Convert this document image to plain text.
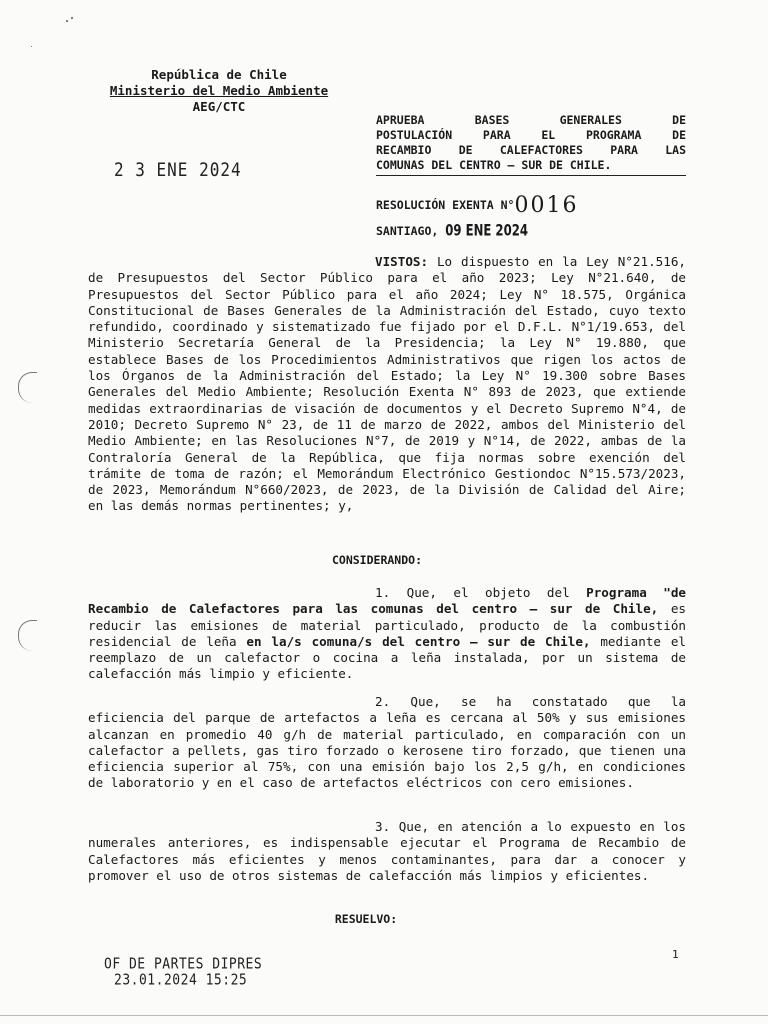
República de Chile
Ministerio del Medio Ambiente
AEG/CTC
2 3 ENE 2024
APRUEBA BASES GENERALES DE
POSTULACIÓN PARA EL PROGRAMA DE
RECAMBIO DE CALEFACTORES PARA LAS
COMUNAS DEL CENTRO – SUR DE CHILE.
RESOLUCIÓN EXENTA N°0016
SANTIAGO, 09 ENE 2024

VISTOS: Lo dispuesto en la Ley N°21.516, de Presupuestos del Sector Público para el año 2023; Ley N°21.640, de Presupuestos del Sector Público para el año 2024; Ley N° 18.575, Orgánica Constitucional de Bases Generales de la Administración del Estado, cuyo texto refundido, coordinado y sistematizado fue fijado por el D.F.L. N°1/19.653, del Ministerio Secretaría General de la Presidencia; la Ley N° 19.880, que establece Bases de los Procedimientos Administrativos que rigen los actos de los Órganos de la Administración del Estado; la Ley N° 19.300 sobre Bases Generales del Medio Ambiente; Resolución Exenta N° 893 de 2023, que extiende medidas extraordinarias de visación de documentos y el Decreto Supremo N°4, de 2010; Decreto Supremo N° 23, de 11 de marzo de 2022, ambos del Ministerio del Medio Ambiente; en las Resoluciones N°7, de 2019 y N°14, de 2022, ambas de la Contraloría General de la República, que fija normas sobre exención del trámite de toma de razón; el Memorándum Electrónico Gestiondoc N°15.573/2023, de 2023, Memorándum N°660/2023, de 2023, de la División de Calidad del Aire; en las demás normas pertinentes; y,

CONSIDERANDO:

1. Que, el objeto del Programa "de Recambio de Calefactores para las comunas del centro – sur de Chile, es reducir las emisiones de material particulado, producto de la combustión residencial de leña en la/s comuna/s del centro – sur de Chile, mediante el reemplazo de un calefactor o cocina a leña instalada, por un sistema de calefacción más limpio y eficiente.

2. Que, se ha constatado que la eficiencia del parque de artefactos a leña es cercana al 50% y sus emisiones alcanzan en promedio 40 g/h de material particulado, en comparación con un calefactor a pellets, gas tiro forzado o kerosene tiro forzado, que tienen una eficiencia superior al 75%, con una emisión bajo los 2,5 g/h, en condiciones de laboratorio y en el caso de artefactos eléctricos con cero emisiones.

3. Que, en atención a lo expuesto en los numerales anteriores, es indispensable ejecutar el Programa de Recambio de Calefactores más eficientes y menos contaminantes, para dar a conocer y promover el uso de otros sistemas de calefacción más limpios y eficientes.

RESUELVO:
1
OF DE PARTES DIPRES
23.01.2024 15:25
